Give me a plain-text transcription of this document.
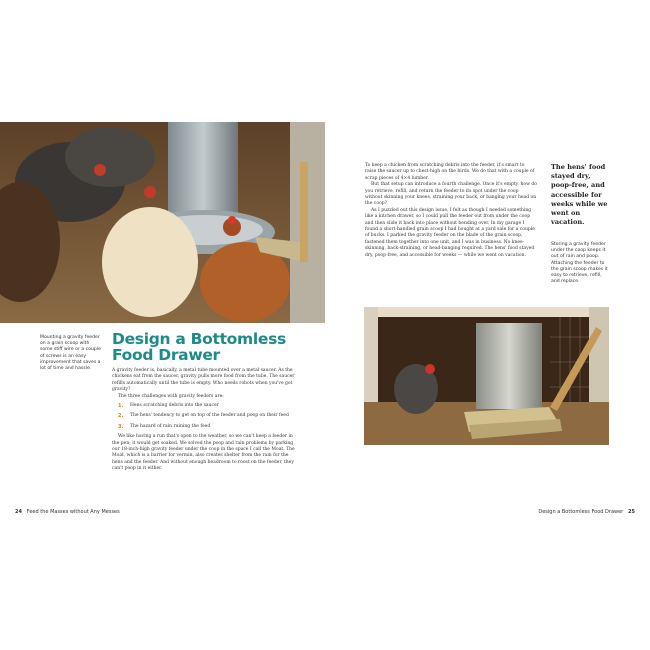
Mounting a gravity feeder on a grain scoop with some stiff wire or a couple of screws is an easy improvement that saves a lot of time and hassle.
Design a Bottomless Food Drawer

A gravity feeder is, basically, a metal tube mounted over a metal saucer. As the chickens eat from the saucer, gravity pulls more food from the tube. The saucer refills automatically until the tube is empty. Who needs robots when you've got gravity?

The three challenges with gravity feeders are:

1. Hens scratching debris into the saucer
2. The hens' tendency to get on top of the feeder and poop on their feed
3. The hazard of rain ruining the feed

We like having a run that's open to the weather, so we can't keep a feeder in the pen; it would get soaked. We solved the poop and rain problems by parking our 18-inch-high gravity feeder under the coop in the space I call the Moat. The Moat, which is a barrier for vermin, also creates shelter from the rain for the hens and the feeder. And without enough headroom to roost on the feeder, they can't poop in it either.

24 Feed the Masses without Any Messes

To keep a chicken from scratching debris into the feeder, it's smart to raise the saucer up to chest-high on the birds. We do that with a couple of scrap pieces of 4×4 lumber.

But that setup can introduce a fourth challenge. Once it's empty, how do you retrieve, refill, and return the feeder to its spot under the coop without skinning your knees, straining your back, or banging your head on the coop?

As I puzzled out this design issue, I felt as though I needed something like a kitchen drawer, so I could pull the feeder out from under the coop and then slide it back into place without bending over. In my garage I found a short-handled grain scoop I had bought at a yard sale for a couple of bucks. I parked the gravity feeder on the blade of the grain scoop, fastened them together into one unit, and I was in business. No knee-skinning, back-straining, or head-banging required. The hens' food stayed dry, poop-free, and accessible for weeks — while we went on vacation.

The hens' food stayed dry, poop-free, and accessible for weeks while we went on vacation.
Storing a gravity feeder under the coop keeps it out of rain and poop. Attaching the feeder to the grain scoop makes it easy to retrieve, refill, and replace.
Design a Bottomless Food Drawer 25
